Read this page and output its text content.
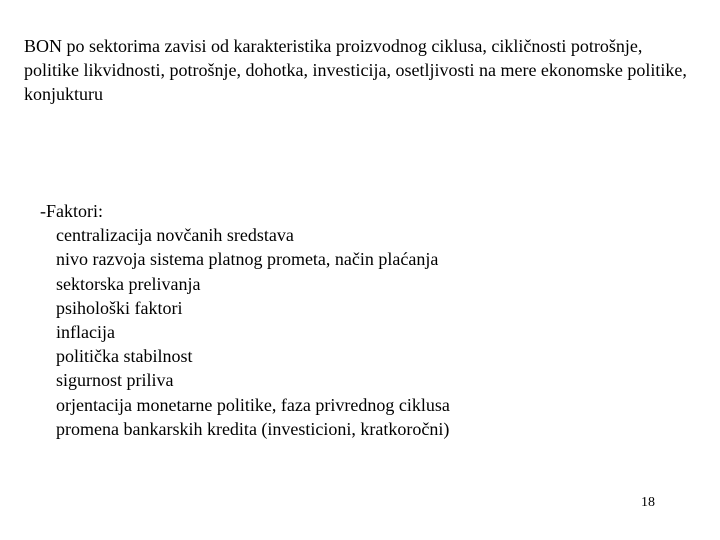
BON po sektorima zavisi od karakteristika proizvodnog ciklusa, cikličnosti potrošnje, politike likvidnosti, potrošnje, dohotka, investicija, osetljivosti na mere ekonomske politike, konjukturu

-Faktori:
centralizacija novčanih sredstava
nivo razvoja sistema platnog prometa, način plaćanja
sektorska prelivanja
psihološki faktori
inflacija
politička stabilnost
sigurnost priliva
orjentacija monetarne politike, faza privrednog ciklusa
promena bankarskih kredita (investicioni, kratkoročni)
18
